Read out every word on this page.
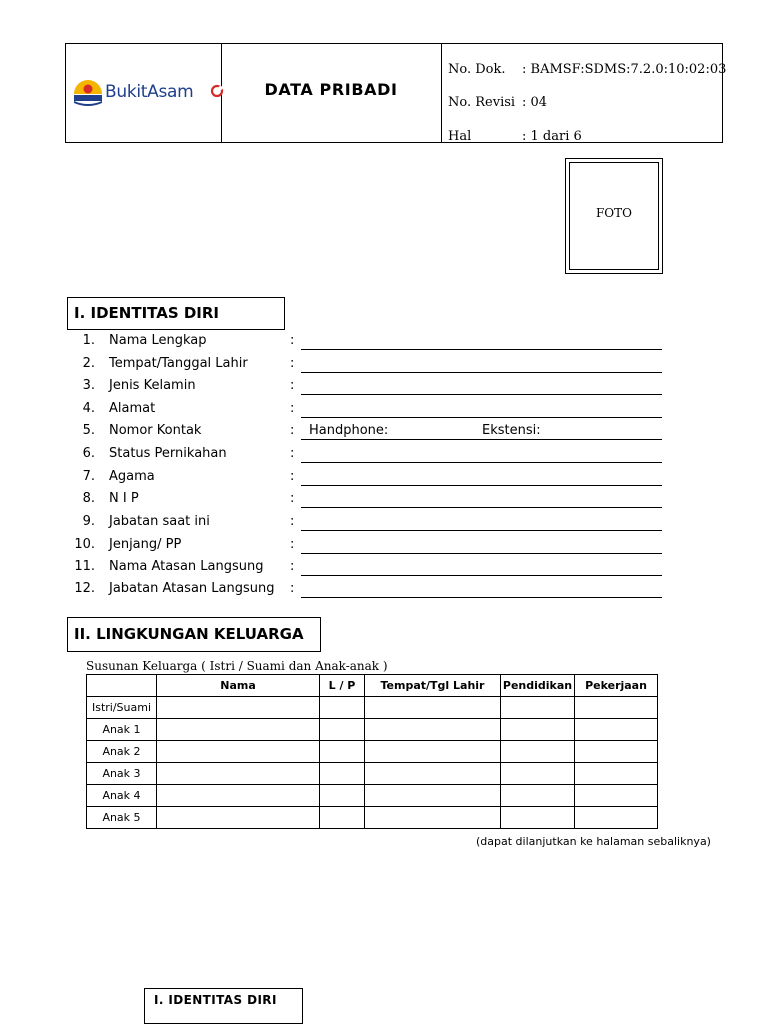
BukitAsam	DATA PRIBADI
No. Dok. : BAMSF:SDMS:7.2.0:10:02:03
No. Revisi : 04
Hal	: 1 dari 6
FOTO
I. IDENTITAS DIRI
1. Nama Lengkap	:
2. Tempat/Tanggal Lahir	:
3. Jenis Kelamin	:
4. Alamat	:
5. Nomor Kontak	: Handphone:	Ekstensi:
6. Status Pernikahan	:
7. Agama	:
8. N I P	:
9. Jabatan saat ini	:
10. Jenjang/ PP	:
11. Nama Atasan Langsung :
12. Jabatan Atasan Langsung :
II. LINGKUNGAN KELUARGA
Susunan Keluarga ( Istri / Suami dan Anak-anak )
	Nama	L / P	Tempat/Tgl Lahir	Pendidikan	Pekerjaan
Istri/Suami					
Anak 1					
Anak 2					
Anak 3					
Anak 4					
Anak 5					
(dapat dilanjutkan ke halaman sebaliknya)
I. IDENTITAS DIRI
